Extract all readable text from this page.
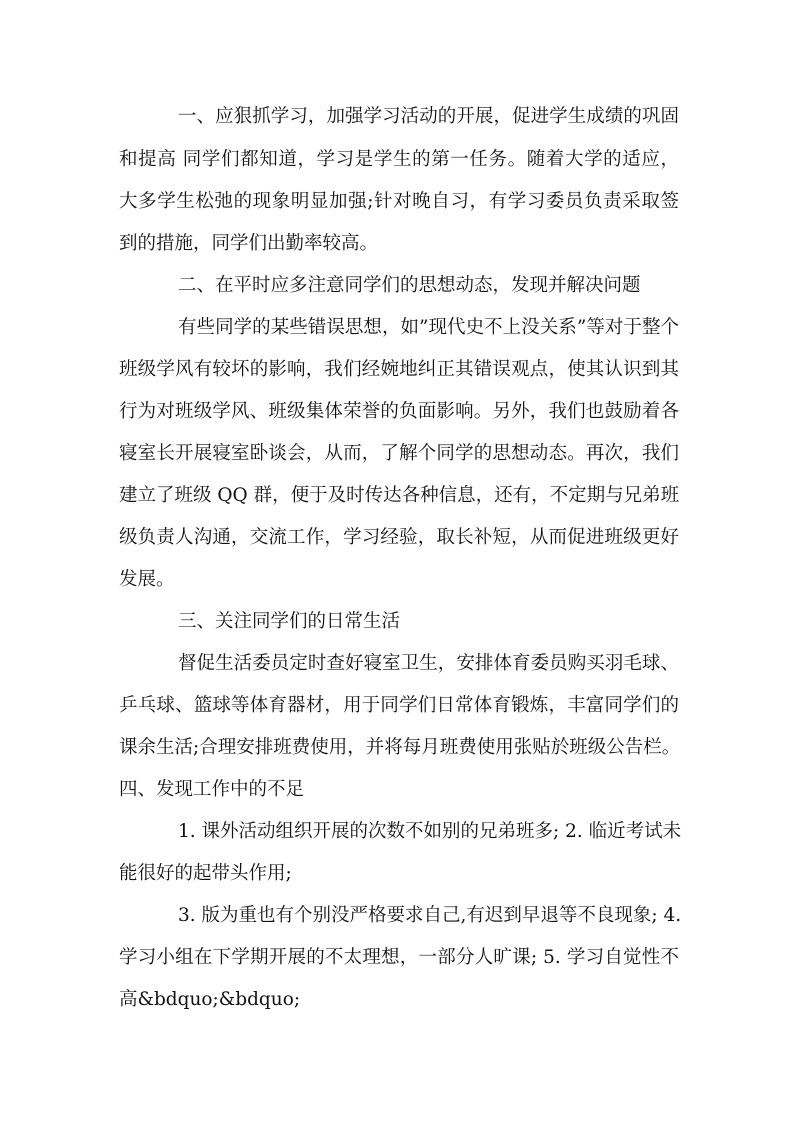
一、应狠抓学习，加强学习活动的开展，促进学生成绩的巩固
和提高 同学们都知道，学习是学生的第一任务。随着大学的适应，
大多学生松弛的现象明显加强;针对晚自习，有学习委员负责采取签
到的措施，同学们出勤率较高。
二、在平时应多注意同学们的思想动态，发现并解决问题
有些同学的某些错误思想，如”现代史不上没关系”等对于整个
班级学风有较坏的影响，我们经婉地纠正其错误观点，使其认识到其
行为对班级学风、班级集体荣誉的负面影响。另外，我们也鼓励着各
寝室长开展寝室卧谈会，从而，了解个同学的思想动态。再次，我们
建立了班级 QQ 群，便于及时传达各种信息，还有，不定期与兄弟班
级负责人沟通，交流工作，学习经验，取长补短，从而促进班级更好
发展。
三、关注同学们的日常生活
督促生活委员定时查好寝室卫生，安排体育委员购买羽毛球、
乒乓球、篮球等体育器材，用于同学们日常体育锻炼，丰富同学们的
课余生活;合理安排班费使用，并将每月班费使用张贴於班级公告栏。
四、发现工作中的不足
1. 课外活动组织开展的次数不如别的兄弟班多; 2. 临近考试未
能很好的起带头作用;
3. 版为重也有个别没严格要求自己,有迟到早退等不良现象; 4.
学习小组在下学期开展的不太理想，一部分人旷课; 5. 学习自觉性不
高&bdquo;&bdquo;
